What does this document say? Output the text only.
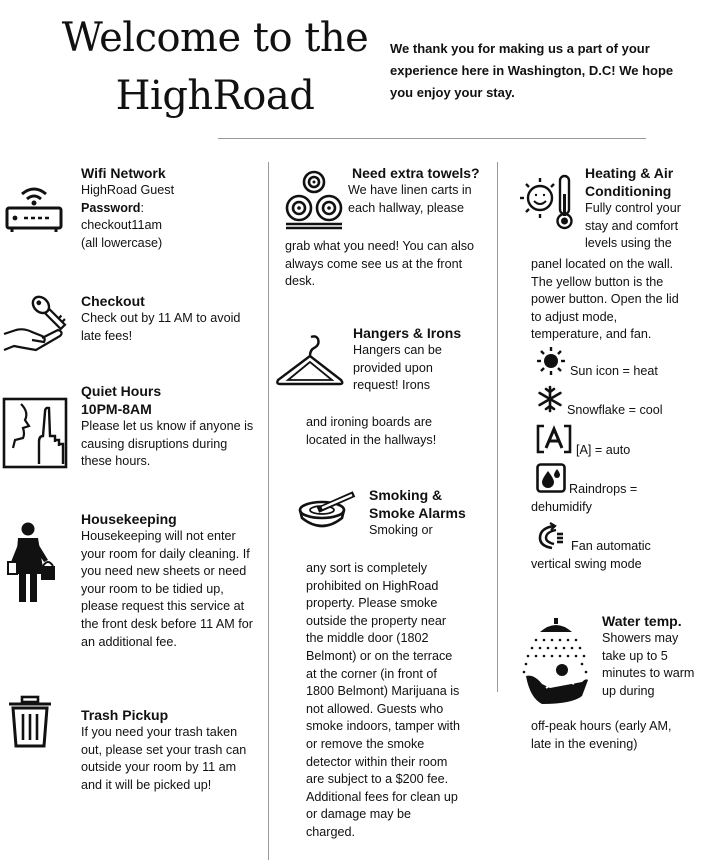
Welcome to the
HighRoad
We thank you for making us a part of your experience here in Washington, D.C! We hope you enjoy your stay.
Wifi Network
HighRoad Guest
Password:
checkout11am
(all lowercase)
Checkout
Check out by 11 AM to avoid late fees!
Quiet Hours
10PM-8AM
Please let us know if anyone is causing disruptions during these hours.
Housekeeping
Housekeeping will not enter your room for daily cleaning. If you need new sheets or need your room to be tidied up, please request this service at the front desk before 11 AM for an additional fee.
Trash Pickup
If you need your trash taken out, please set your trash can outside your room by 11 am and it will be picked up!
Need extra towels?
We have linen carts in each hallway, please
grab what you need! You can also always come see us at the front desk.
Hangers & Irons
Hangers can be provided upon request! Irons
and ironing boards are located in the hallways!
Smoking & Smoke Alarms
Smoking or
any sort is completely prohibited on HighRoad property. Please smoke outside the property near the middle door (1802 Belmont) or on the terrace at the corner (in front of 1800 Belmont) Marijuana is not allowed. Guests who smoke indoors, tamper with or remove the smoke detector within their room are subject to a $200 fee. Additional fees for clean up or damage may be charged.
Heating & Air Conditioning
Fully control your stay and comfort levels using the
panel located on the wall. The yellow button is the power button. Open the lid to adjust mode, temperature, and fan.
Sun icon = heat
Snowflake = cool
[A] = auto
Raindrops = dehumidify
Fan automatic vertical swing mode
Water temp.
Showers may take up to 5 minutes to warm up during
off-peak hours (early AM, late in the evening)
